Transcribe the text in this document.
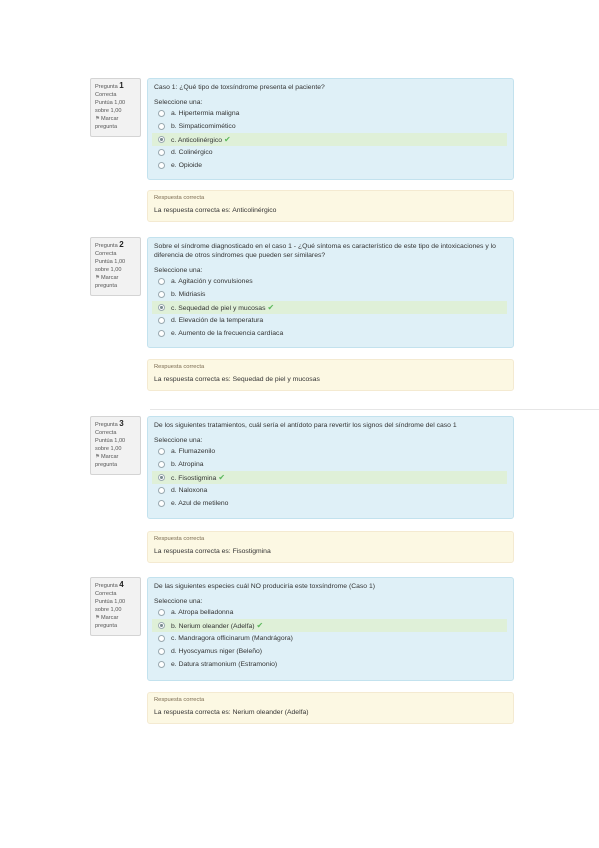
Pregunta 1
Correcta
Puntúa 1,00 sobre 1,00
⚑Marcar pregunta
Caso 1: ¿Qué tipo de toxsíndrome presenta el paciente?
Seleccione una:
a. Hipertermia maligna
b. Simpaticomimético
c. Anticolinérgico ✔
d. Colinérgico
e. Opioide
Respuesta correcta
La respuesta correcta es: Anticolinérgico
Pregunta 2
Correcta
Puntúa 1,00 sobre 1,00
⚑Marcar pregunta
Sobre el síndrome diagnosticado en el caso 1 - ¿Qué síntoma es característico de este tipo de intoxicaciones y lo diferencia de otros síndromes que pueden ser similares?
Seleccione una:
a. Agitación y convulsiones
b. Midriasis
c. Sequedad de piel y mucosas ✔
d. Elevación de la temperatura
e. Aumento de la frecuencia cardíaca
Respuesta correcta
La respuesta correcta es: Sequedad de piel y mucosas
Pregunta 3
Correcta
Puntúa 1,00 sobre 1,00
⚑Marcar pregunta
De los siguientes tratamientos, cuál sería el antídoto para revertir los signos del síndrome del caso 1
Seleccione una:
a. Flumazenilo
b. Atropina
c. Fisostigmina ✔
d. Naloxona
e. Azul de metileno
Respuesta correcta
La respuesta correcta es: Fisostigmina
Pregunta 4
Correcta
Puntúa 1,00 sobre 1,00
⚑Marcar pregunta
De las siguientes especies cuál NO produciría este toxsíndrome (Caso 1)
Seleccione una:
a. Atropa belladonna
b. Nerium oleander (Adelfa) ✔
c. Mandragora officinarum (Mandrágora)
d. Hyoscyamus niger (Beleño)
e. Datura stramonium (Estramonio)
Respuesta correcta
La respuesta correcta es: Nerium oleander (Adelfa)
